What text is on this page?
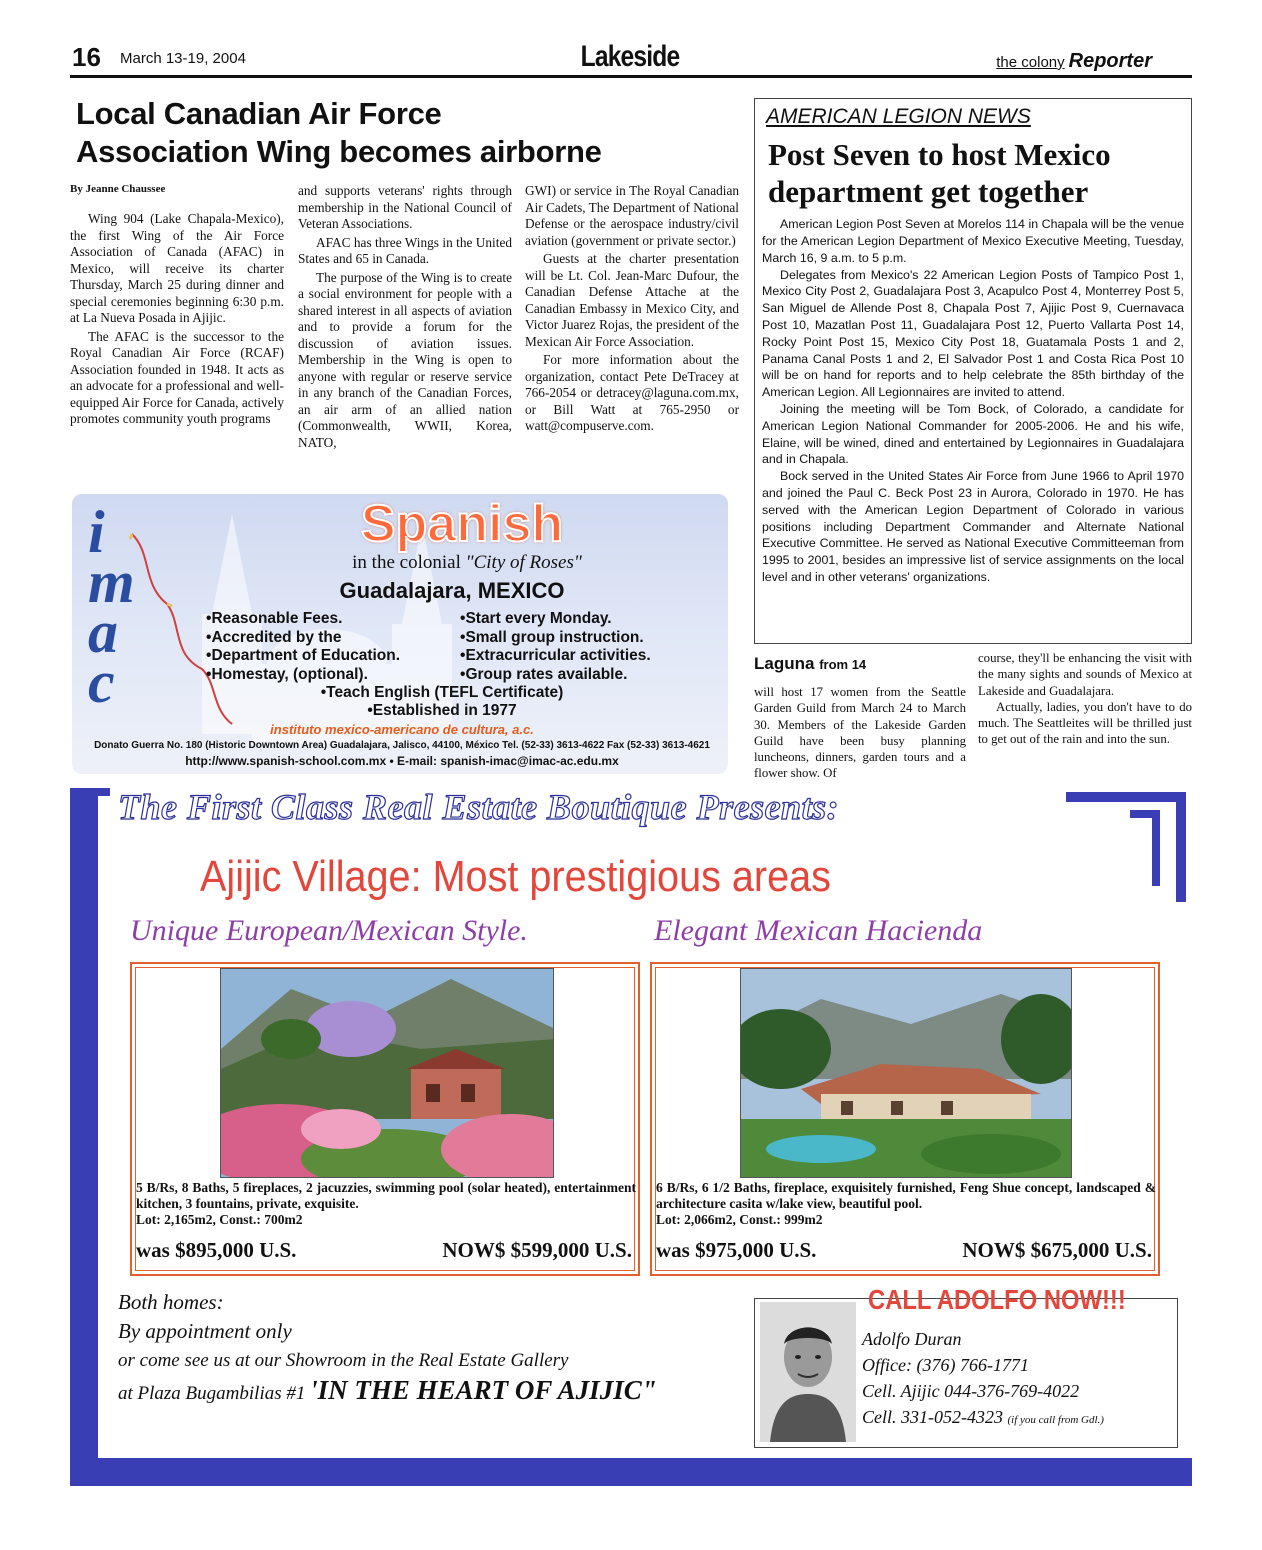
16 March 13-19, 2004	Lakeside	the colony Reporter
Local Canadian Air Force
Association Wing becomes airborne
By Jeanne Chaussee

Wing 904 (Lake Chapala-Mexico), the first Wing of the Air Force Association of Canada (AFAC) in Mexico, will receive its charter Thursday, March 25 during dinner and special ceremonies beginning 6:30 p.m. at La Nueva Posada in Ajijic.

The AFAC is the successor to the Royal Canadian Air Force (RCAF) Association founded in 1948. It acts as an advocate for a professional and well-equipped Air Force for Canada, actively promotes community youth programs

and supports veterans' rights through membership in the National Council of Veteran Associations.

AFAC has three Wings in the United States and 65 in Canada.

The purpose of the Wing is to create a social environment for people with a shared interest in all aspects of aviation and to provide a forum for the discussion of aviation issues. Membership in the Wing is open to anyone with regular or reserve service in any branch of the Canadian Forces, an air arm of an allied nation (Commonwealth, WWII, Korea, NATO,

GWI) or service in The Royal Canadian Air Cadets, The Department of National Defense or the aerospace industry/civil aviation (government or private sector.)

Guests at the charter presentation will be Lt. Col. Jean-Marc Dufour, the Canadian Defense Attache at the Canadian Embassy in Mexico City, and Victor Juarez Rojas, the president of the Mexican Air Force Association.

For more information about the organization, contact Pete DeTracey at 766-2054 or detracey@laguna.com.mx, or Bill Watt at 765-2950 or watt@compuserve.com.

AMERICAN LEGION NEWS
Post Seven to host Mexico
department get together

American Legion Post Seven at Morelos 114 in Chapala will be the venue for the American Legion Department of Mexico Executive Meeting, Tuesday, March 16, 9 a.m. to 5 p.m.

Delegates from Mexico's 22 American Legion Posts of Tampico Post 1, Mexico City Post 2, Guadalajara Post 3, Acapulco Post 4, Monterrey Post 5, San Miguel de Allende Post 8, Chapala Post 7, Ajijic Post 9, Cuernavaca Post 10, Mazatlan Post 11, Guadalajara Post 12, Puerto Vallarta Post 14, Rocky Point Post 15, Mexico City Post 18, Guatamala Posts 1 and 2, Panama Canal Posts 1 and 2, El Salvador Post 1 and Costa Rica Post 10 will be on hand for reports and to help celebrate the 85th birthday of the American Legion. All Legionnaires are invited to attend.

Joining the meeting will be Tom Bock, of Colorado, a candidate for American Legion National Commander for 2005-2006. He and his wife, Elaine, will be wined, dined and entertained by Legionnaires in Guadalajara and in Chapala.

Bock served in the United States Air Force from June 1966 to April 1970 and joined the Paul C. Beck Post 23 in Aurora, Colorado in 1970. He has served with the American Legion Department of Colorado in various positions including Department Commander and Alternate National Executive Committee. He served as National Executive Committeeman from 1995 to 2001, besides an impressive list of service assignments on the local level and in other veterans' organizations.

Laguna from 14

will host 17 women from the Seattle Garden Guild from March 24 to March 30. Members of the Lakeside Garden Guild have been busy planning luncheons, dinners, garden tours and a flower show. Of

course, they'll be enhancing the visit with the many sights and sounds of Mexico at Lakeside and Guadalajara.

Actually, ladies, you don't have to do much. The Seattleites will be thrilled just to get out of the rain and into the sun.

i
m
a
c
Spanish
in the colonial "City of Roses"
Guadalajara, MEXICO
• Reasonable Fees.
• Accredited by the
• Department of Education.
• Homestay, (optional).
• Start every Monday.
• Small group instruction.
• Extracurricular activities.
• Group rates available.
•Teach English (TEFL Certificate)
•Established in 1977
instituto mexico-americano de cultura, a.c.
Donato Guerra No. 180 (Historic Downtown Area) Guadalajara, Jalisco, 44100, México Tel. (52-33) 3613-4622 Fax (52-33) 3613-4621
http://www.spanish-school.com.mx • E-mail: spanish-imac@imac-ac.edu.mx
The First Class Real Estate Boutique Presents:
Ajijic Village: Most prestigious areas
Unique European/Mexican Style.	Elegant Mexican Hacienda
5 B/Rs, 8 Baths, 5 fireplaces, 2 jacuzzies, swimming pool (solar heated), entertainment kitchen, 3 fountains, private, exquisite.
Lot: 2,165m2, Const.: 700m2
was $895,000 U.S.	NOW$ $599,000 U.S.
6 B/Rs, 6 1/2 Baths, fireplace, exquisitely furnished, Feng Shue concept, landscaped & architecture casita w/lake view, beautiful pool.
Lot: 2,066m2, Const.: 999m2
was $975,000 U.S.	NOW$ $675,000 U.S.
Both homes:
By appointment only
or come see us at our Showroom in the Real Estate Gallery
at Plaza Bugambilias #1 'IN THE HEART OF AJIJIC"
CALL ADOLFO NOW!!!
Adolfo Duran
Office: (376) 766-1771
Cell. Ajijic 044-376-769-4022
Cell. 331-052-4323 (if you call from Gdl.)
